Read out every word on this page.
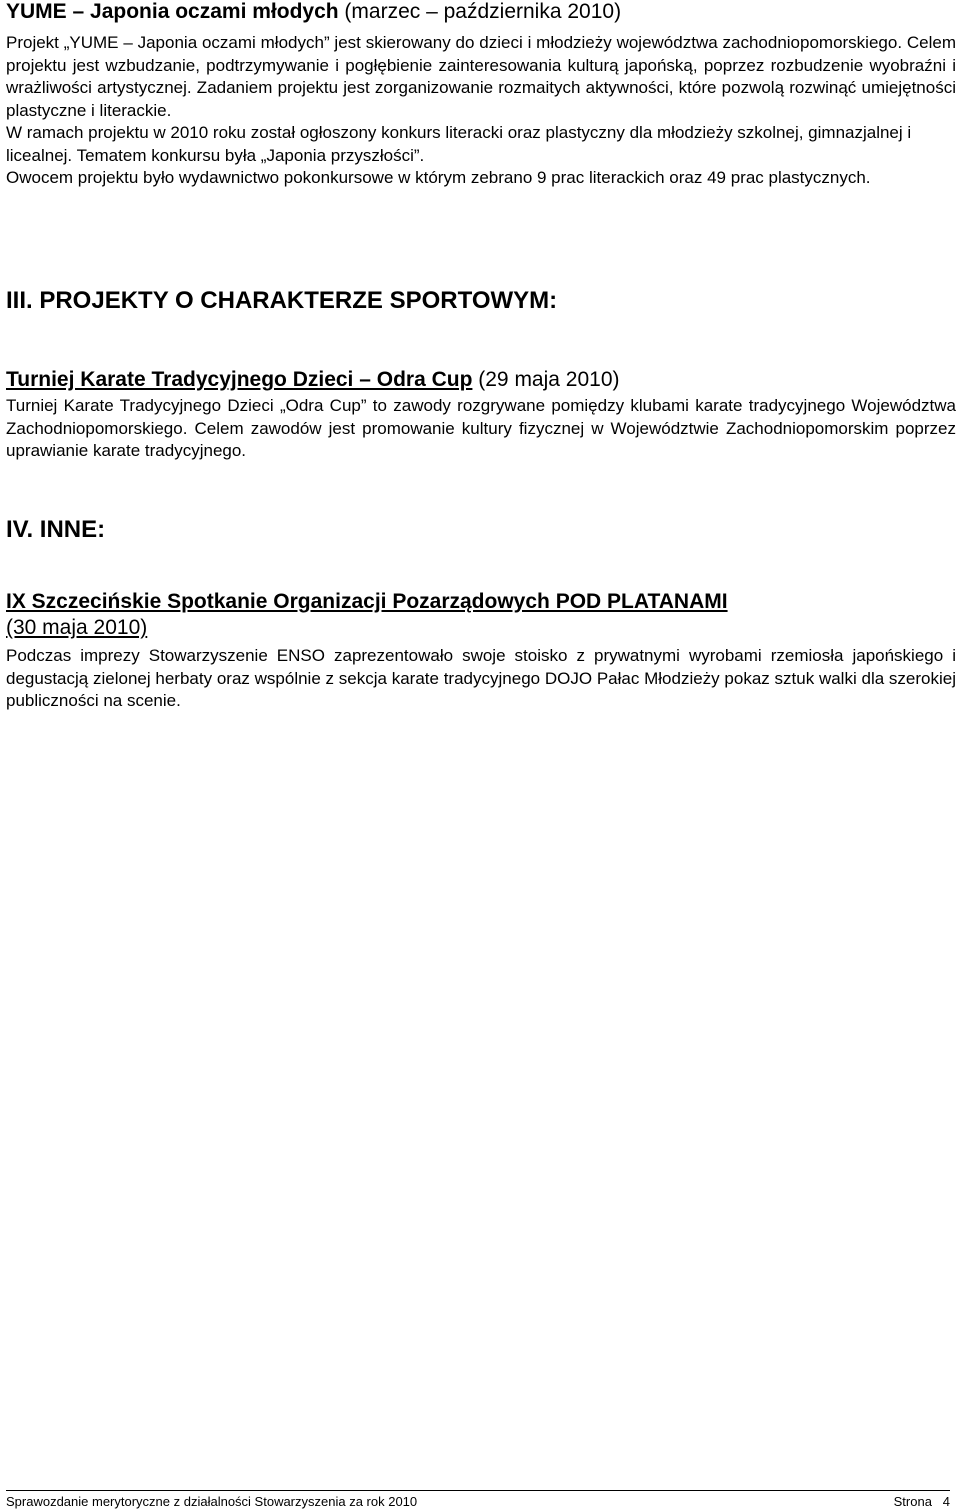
YUME – Japonia oczami młodych (marzec – października 2010)

Projekt „YUME – Japonia oczami młodych” jest skierowany do dzieci i młodzieży województwa zachodniopomorskiego. Celem projektu jest wzbudzanie, podtrzymywanie i pogłębienie zainteresowania kulturą japońską, poprzez rozbudzenie wyobraźni i wrażliwości artystycznej. Zadaniem projektu jest zorganizowanie rozmaitych aktywności, które pozwolą rozwinąć umiejętności plastyczne i literackie.

W ramach projektu w 2010 roku został ogłoszony konkurs literacki oraz plastyczny dla młodzieży szkolnej, gimnazjalnej i licealnej. Tematem konkursu była „Japonia przyszłości”.

Owocem projektu było wydawnictwo pokonkursowe w którym zebrano 9 prac literackich oraz 49 prac plastycznych.

III. PROJEKTY O CHARAKTERZE SPORTOWYM:

Turniej Karate Tradycyjnego Dzieci – Odra Cup (29 maja 2010)

Turniej Karate Tradycyjnego Dzieci „Odra Cup” to zawody rozgrywane pomiędzy klubami karate tradycyjnego Województwa Zachodniopomorskiego. Celem zawodów jest promowanie kultury fizycznej w Województwie Zachodniopomorskim poprzez uprawianie karate tradycyjnego.

IV. INNE:

IX Szczecińskie Spotkanie Organizacji Pozarządowych POD PLATANAMI
(30 maja 2010)

Podczas imprezy Stowarzyszenie ENSO zaprezentowało swoje stoisko z prywatnymi wyrobami rzemiosła japońskiego i degustacją zielonej herbaty oraz wspólnie z sekcja karate tradycyjnego DOJO Pałac Młodzieży pokaz sztuk walki dla szerokiej publiczności na scenie.

Sprawozdanie merytoryczne z działalności Stowarzyszenia za rok 2010	Strona   4
